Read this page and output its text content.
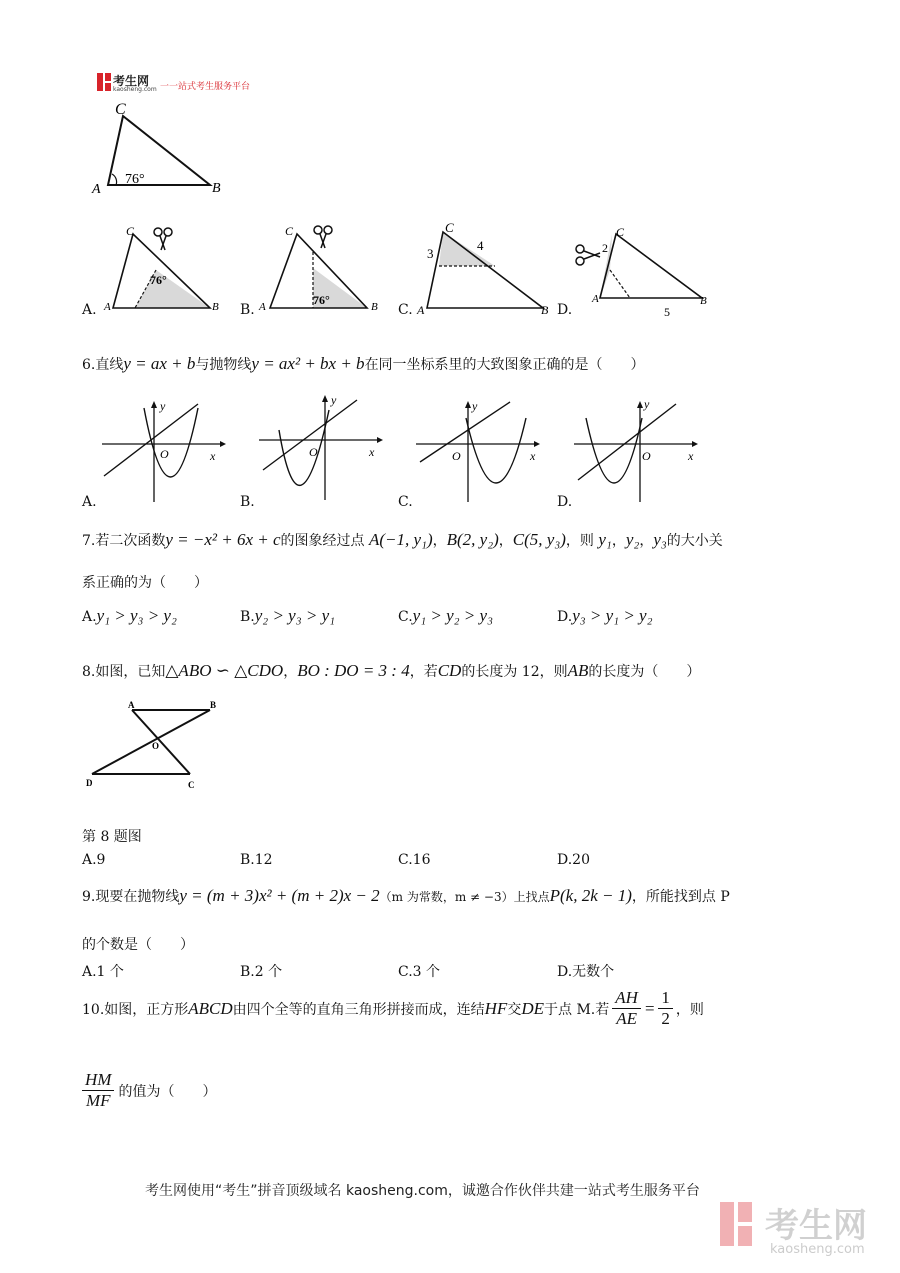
考生网
kaosheng.com 一一站式考生服务平台
C
A	B
76°
A.
C
A	B
76°
B.
C
A	B
76°
C.
C
A	B
3
4
D.
C
A	B
2
5
6.直线y = ax + b与抛物线y = ax² + bx + b在同一坐标系里的大致图象正确的是（　　）
y
x
O
A.
y
x
O
B.
y
x
O
C.
y
x
O
D.
7.若二次函数y = −x² + 6x + c的图象经过点 A(−1, y₁)，B(2, y₂)，C(5, y₃)，则 y₁，y₂，y₃的大小关
系正确的为（　　）
A.y₁ > y₃ > y₂	B.y₂ > y₃ > y₁	C.y₁ > y₂ > y₃	D.y₃ > y₁ > y₂
8.如图，已知△ABO ∽ △CDO，BO : DO = 3 : 4，若CD的长度为 12，则AB的长度为（　　）
A	B
O
D	C
第 8 题图
A.9	B.12	C.16	D.20
9.现要在抛物线y = (m + 3)x² + (m + 2)x − 2（m 为常数，m ≠ −3）上找点P(k, 2k − 1)，所能找到点 P
的个数是（　　）
A.1 个	B.2 个	C.3 个	D.无数个
10.如图，正方形 ABCD 由四个全等的直角三角形拼接而成，连结 HF 交 DE 于点 M.若 $\frac{AH}{AE} = \frac{1}{2}$ ，则
$\frac{HM}{MF}$ 的值为（　　）
考生网使用“考生”拼音顶级域名 kaosheng.com，诚邀合作伙伴共建一站式考生服务平台
考生网
kaosheng.com
